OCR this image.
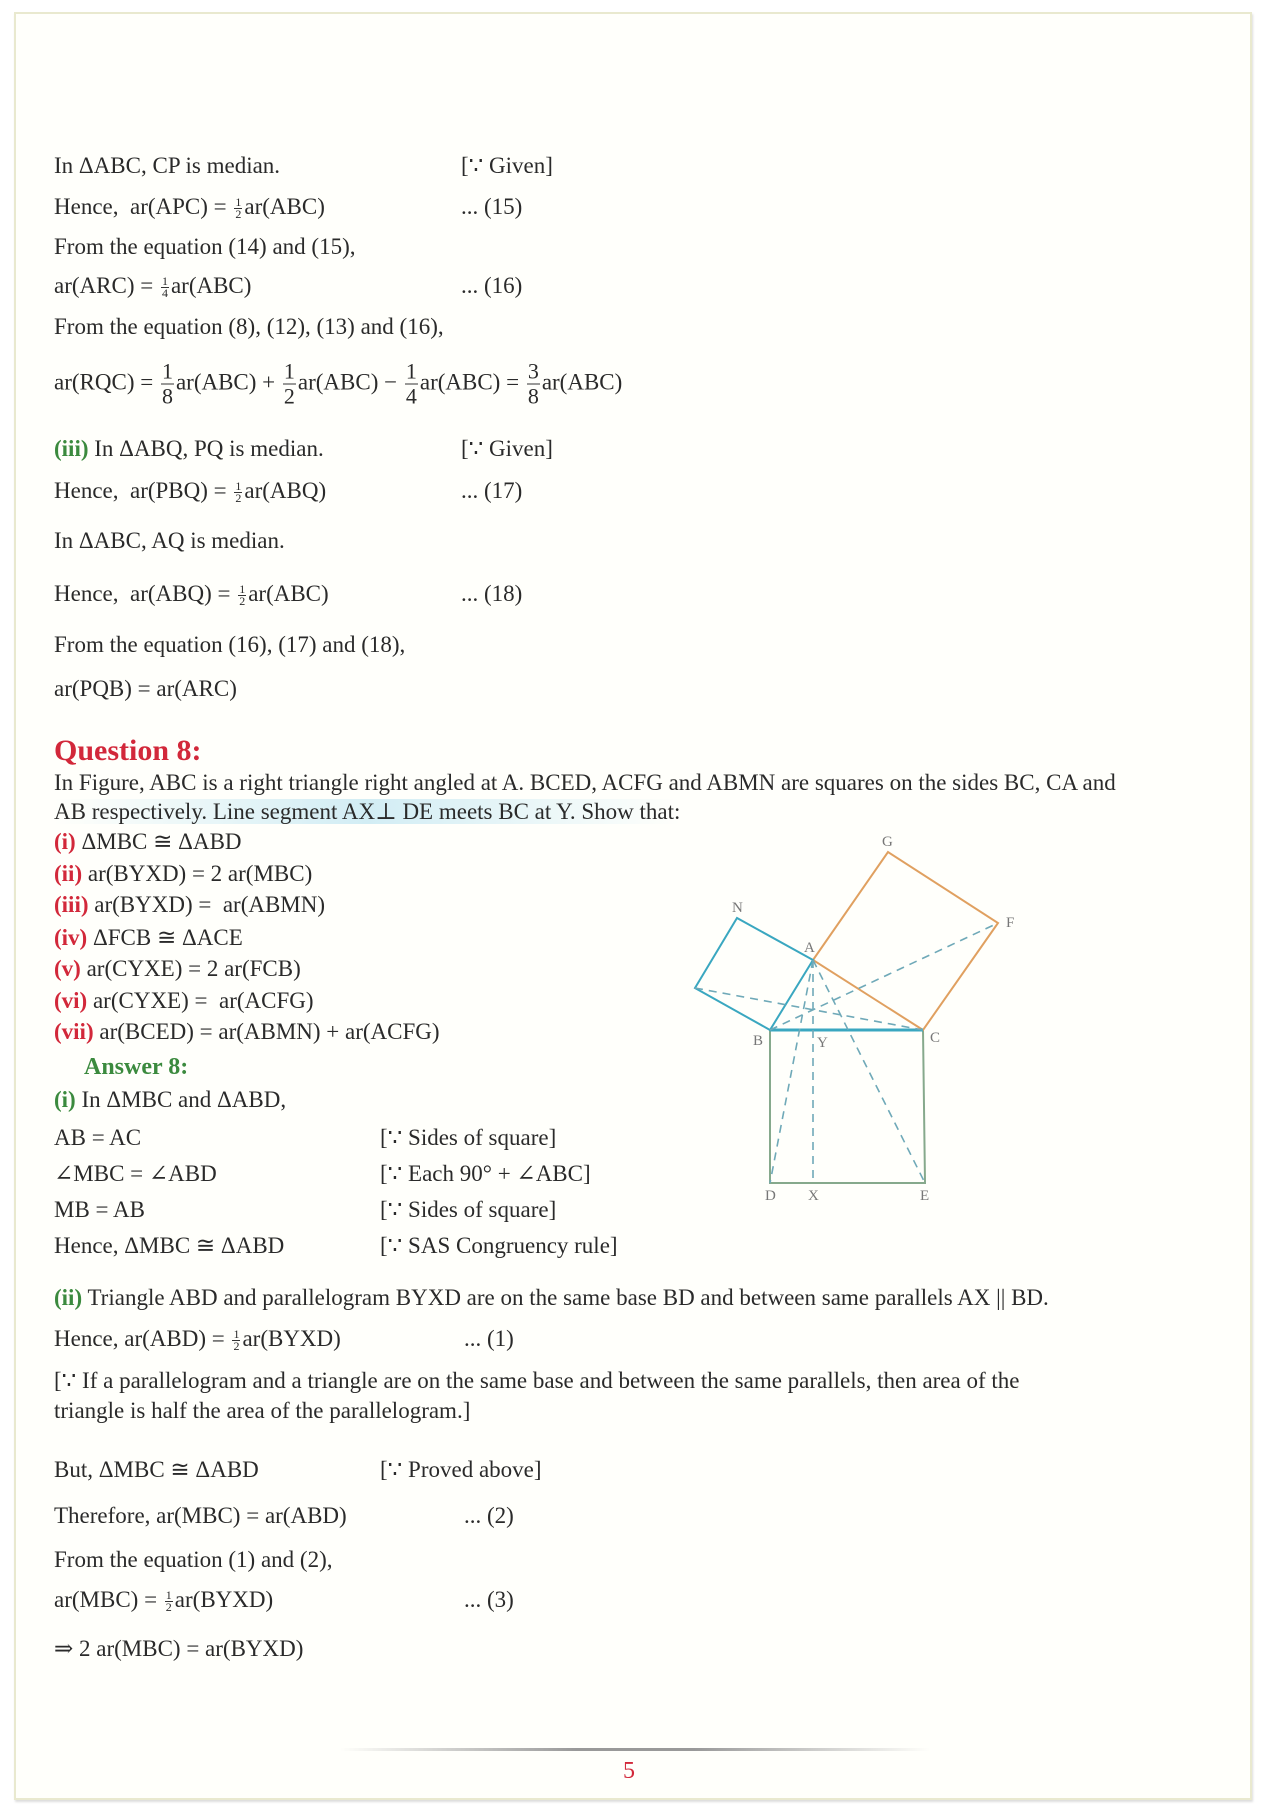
In ΔABC, CP is median.	[∵ Given]
Hence,  $ar(APC) = \frac{1}{2} ar(ABC)$	... (15)
From the equation (14) and (15),
$ar(ARC) = \frac{1}{4} ar(ABC)$	... (16)
From the equation (8), (12), (13) and (16),
$ar(RQC) = \frac{1}{8} ar(ABC) + \frac{1}{2} ar(ABC) - \frac{1}{4} ar(ABC) = \frac{3}{8} ar(ABC)$
(iii) In ΔABQ, PQ is median.	[∵ Given]
Hence,  $ar(PBQ) = \frac{1}{2} ar(ABQ)$	... (17)
In ΔABC, AQ is median.
Hence,  $ar(ABQ) = \frac{1}{2} ar(ABC)$	... (18)
From the equation (16), (17) and (18),
ar(PQB) = ar(ARC)
Question 8:
In Figure, ABC is a right triangle right angled at A. BCED, ACFG and ABMN are squares on the sides BC, CA and
AB respectively. Line segment AX⊥ DE meets BC at Y. Show that:
(i) ΔMBC ≅ ΔABD
(ii) ar(BYXD) = 2 ar(MBC)
(iii) ar(BYXD) =  ar(ABMN)
(iv) ΔFCB ≅ ΔACE
(v) ar(CYXE) = 2 ar(FCB)
(vi) ar(CYXE) =  ar(ACFG)
(vii) ar(BCED) = ar(ABMN) + ar(ACFG)
G
N
A
F
B	C
Y
D X	E
Answer 8:
(i) In ΔMBC and ΔABD,
AB = AC	[∵ Sides of square]
∠MBC = ∠ABD	[∵ Each 90° + ∠ABC]
MB = AB	[∵ Sides of square]
Hence, ΔMBC ≅ ΔABD	[∵ SAS Congruency rule]
(ii) Triangle ABD and parallelogram BYXD are on the same base BD and between same parallels AX || BD.
Hence, $ar(ABD) = \frac{1}{2}$ ar(BYXD)	... (1)
[∵ If a parallelogram and a triangle are on the same base and between the same parallels, then area of the
triangle is half the area of the parallelogram.]
But, ΔMBC ≅ ΔABD	[∵ Proved above]
Therefore, ar(MBC) = ar(ABD)	... (2)
From the equation (1) and (2),
$ar(MBC) = \frac{1}{2}$ ar(BYXD)	... (3)
⇒ 2 ar(MBC) = ar(BYXD)
5
